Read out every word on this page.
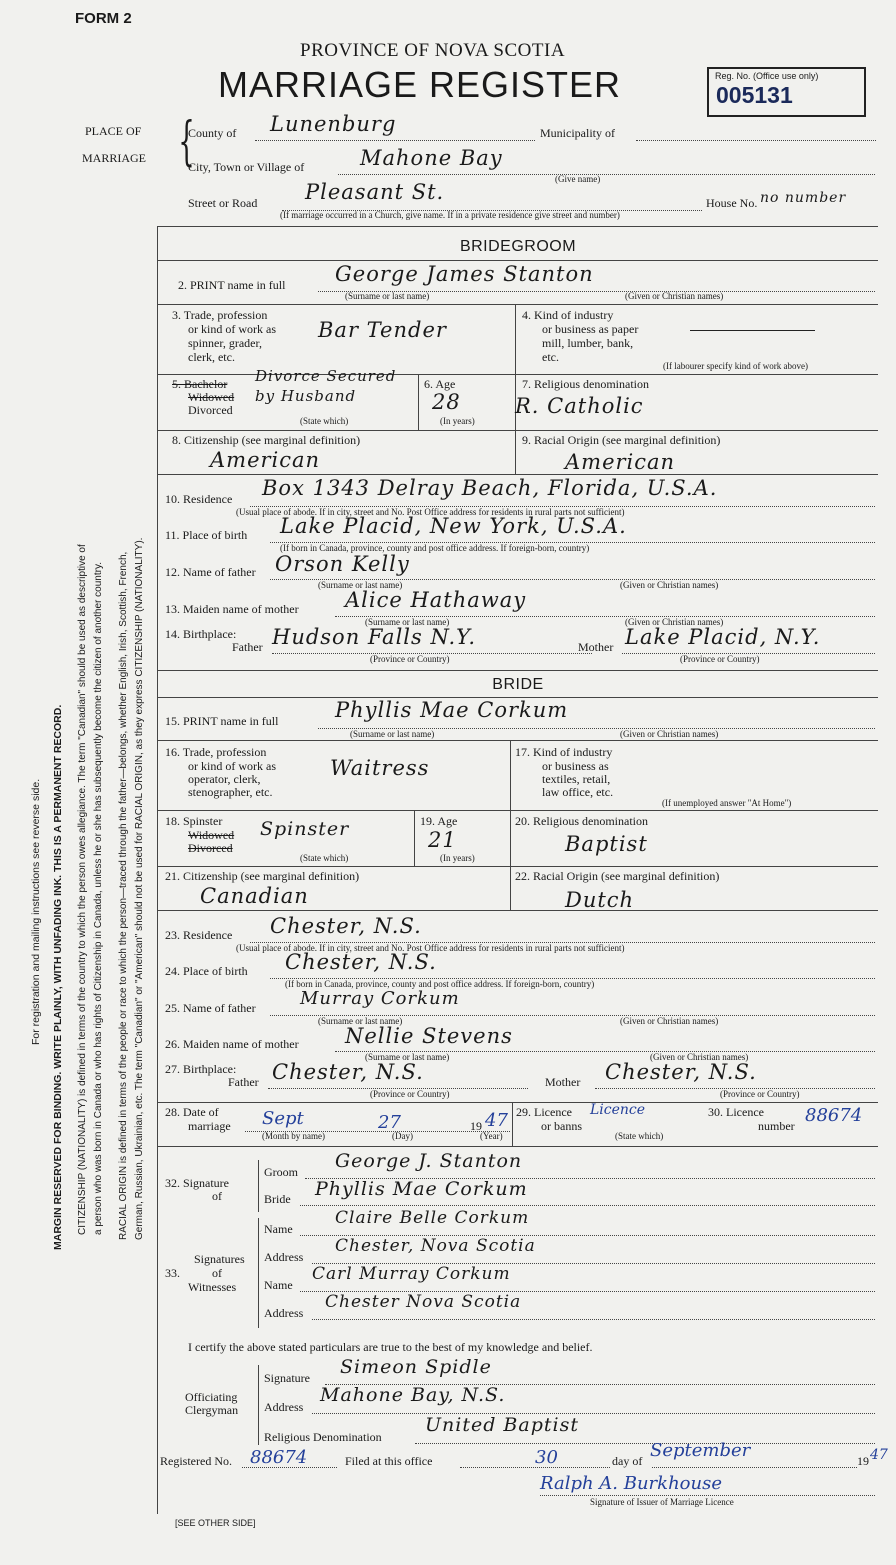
FORM 2
PROVINCE OF NOVA SCOTIA
MARRIAGE REGISTER	Reg. No. (Office use only)
005131
For registration and mailing instructions see reverse side. MARGIN RESERVED FOR BINDING. WRITE PLAINLY, WITH UNFADING INK. THIS IS A PERMANENT RECORD. CITIZENSHIP (NATIONALITY) is defined in terms of the country to which the person owes allegiance. The term "Canadian" should be used as descriptive of a person who was born in Canada or who has rights of Citizenship in Canada, unless he or she has subsequently become the citizen of another country. RACIAL ORIGIN is defined in terms of the people or race to which the person—traced through the father—belongs, whether English, Irish, Scottish, French, German, Russian, Ukrainian, etc. The term "Canadian" or "American" should not be used for RACIAL ORIGIN, as they express CITIZENSHIP (NATIONALITY).
PLACE OF
MARRIAGE {
County of Lunenburg	Municipality of
City, Town or Village of	Mahone Bay
(Give name)
Street or Road Pleasant St.	House No. no number
(If marriage occurred in a Church, give name. If in a private residence give street and number)
BRIDEGROOM
2. PRINT name in full George James Stanton
(Surname or last name)	(Given or Christian names)
3. Trade, profession
or kind of work as
spinner, grader,
clerk, etc.
Bar Tender
4. Kind of industry
or business as paper
mill, lumber, bank,
etc.
(If labourer specify kind of work above)
5. Bachelor
Widowed
Divorced
Divorce Secured by Husband
(State which)
6. Age
28
(In years)
7. Religious denomination
R. Catholic
8. Citizenship (see marginal definition)
American
9. Racial Origin (see marginal definition)
American
10. Residence Box 1343 Delray Beach, Florida, U.S.A.
(Usual place of abode. If in city, street and No. Post Office address for residents in rural parts not sufficient)
11. Place of birth Lake Placid, New York, U.S.A.
(If born in Canada, province, county and post office address. If foreign-born, country)
12. Name of father Orson Kelly
(Surname or last name)	(Given or Christian names)
13. Maiden name of mother Alice Hathaway
(Surname or last name)	(Given or Christian names)
14. Birthplace:
Father Hudson Falls N.Y.
(Province or Country)
Mother Lake Placid, N.Y.
(Province or Country)
BRIDE
15. PRINT name in full	Phyllis Mae Corkum
(Surname or last name)	(Given or Christian names)
16. Trade, profession
or kind of work as
operator, clerk,
stenographer, etc.
Waitress
17. Kind of industry
or business as
textiles, retail,
law office, etc.
(If unemployed answer "At Home")
18. Spinster
Widowed
Divorced
Spinster
(State which)
19. Age
21
(In years)
20. Religious denomination
Baptist
21. Citizenship (see marginal definition)
Canadian
22. Racial Origin (see marginal definition)
Dutch
23. Residence Chester, N.S.
(Usual place of abode. If in city, street and No. Post Office address for residents in rural parts not sufficient)
24. Place of birth Chester, N.S.
(If born in Canada, province, county and post office address. If foreign-born, country)
25. Name of father Murray Corkum
(Surname or last name)	(Given or Christian names)
26. Maiden name of mother Nellie Stevens
(Surname or last name)	(Given or Christian names)
27. Birthplace:
Father Chester, N.S.
(Province or Country)
Mother Chester, N.S.
(Province or Country)
28. Date of
marriage Sept	27	19 47
(Month by name)	(Day)	(Year)
29. Licence
or banns
Licence
(State which)
30. Licence
number 88674
32. Signature
of
Groom George J. Stanton
Bride Phyllis Mae Corkum
33.
Signatures
of
Witnesses
Name
Claire Belle Corkum
Address
Chester, Nova Scotia
Name
Carl Murray Corkum
Address
Chester Nova Scotia
I certify the above stated particulars are true to the best of my knowledge and belief.
Officiating
Clergyman
Signature Simeon Spidle
Address
Mahone Bay, N.S.
Religious Denomination
United Baptist
Registered No. 88674	Filed at this office	30	day of September	19 47
Ralph A. Burkhouse
Signature of Issuer of Marriage Licence
[SEE OTHER SIDE]
